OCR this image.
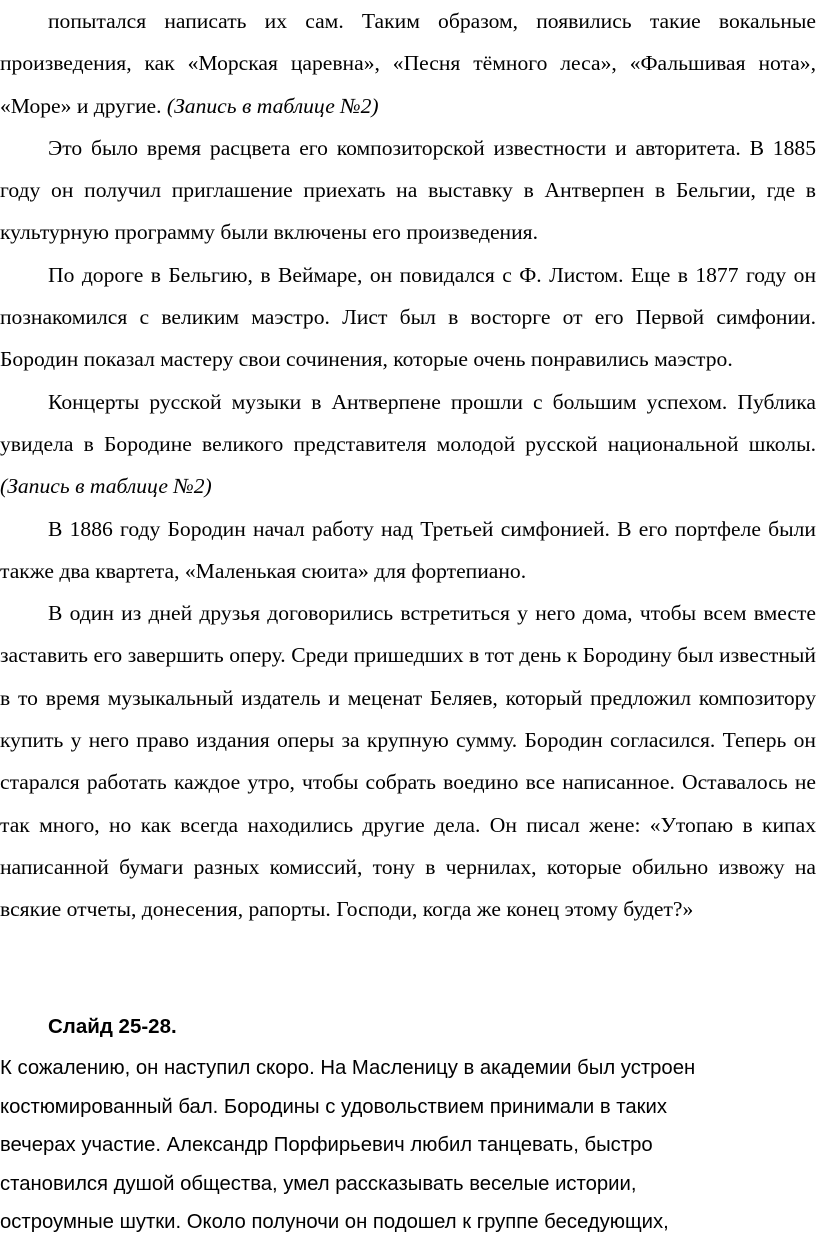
попытался написать их сам. Таким образом, появились такие вокальные произведения, как «Морская царевна», «Песня тёмного леса», «Фальшивая нота», «Море» и другие. (Запись в таблице №2)

Это было время расцвета его композиторской известности и авторитета. В 1885 году он получил приглашение приехать на выставку в Антверпен в Бельгии, где в культурную программу были включены его произведения.

По дороге в Бельгию, в Веймаре, он повидался с Ф. Листом. Еще в 1877 году он познакомился с великим маэстро. Лист был в восторге от его Первой симфонии. Бородин показал мастеру свои сочинения, которые очень понравились маэстро.

Концерты русской музыки в Антверпене прошли с большим успехом. Публика увидела в Бородине великого представителя молодой русской национальной школы. (Запись в таблице №2)

В 1886 году Бородин начал работу над Третьей симфонией. В его портфеле были также два квартета, «Маленькая сюита» для фортепиано.

В один из дней друзья договорились встретиться у него дома, чтобы всем вместе заставить его завершить оперу. Среди пришедших в тот день к Бородину был известный в то время музыкальный издатель и меценат Беляев, который предложил композитору купить у него право издания оперы за крупную сумму. Бородин согласился. Теперь он старался работать каждое утро, чтобы собрать воедино все написанное. Оставалось не так много, но как всегда находились другие дела. Он писал жене: «Утопаю в кипах написанной бумаги разных комиссий, тону в чернилах, которые обильно извожу на всякие отчеты, донесения, рапорты. Господи, когда же конец этому будет?»

Слайд 25-28.

К сожалению, он наступил скоро. На Масленицу в академии был устроен
костюмированный бал. Бородины с удовольствием принимали в таких
вечерах участие. Александр Порфирьевич любил танцевать, быстро
становился душой общества, умел рассказывать веселые истории,
остроумные шутки. Около полуночи он подошел к группе беседующих,
